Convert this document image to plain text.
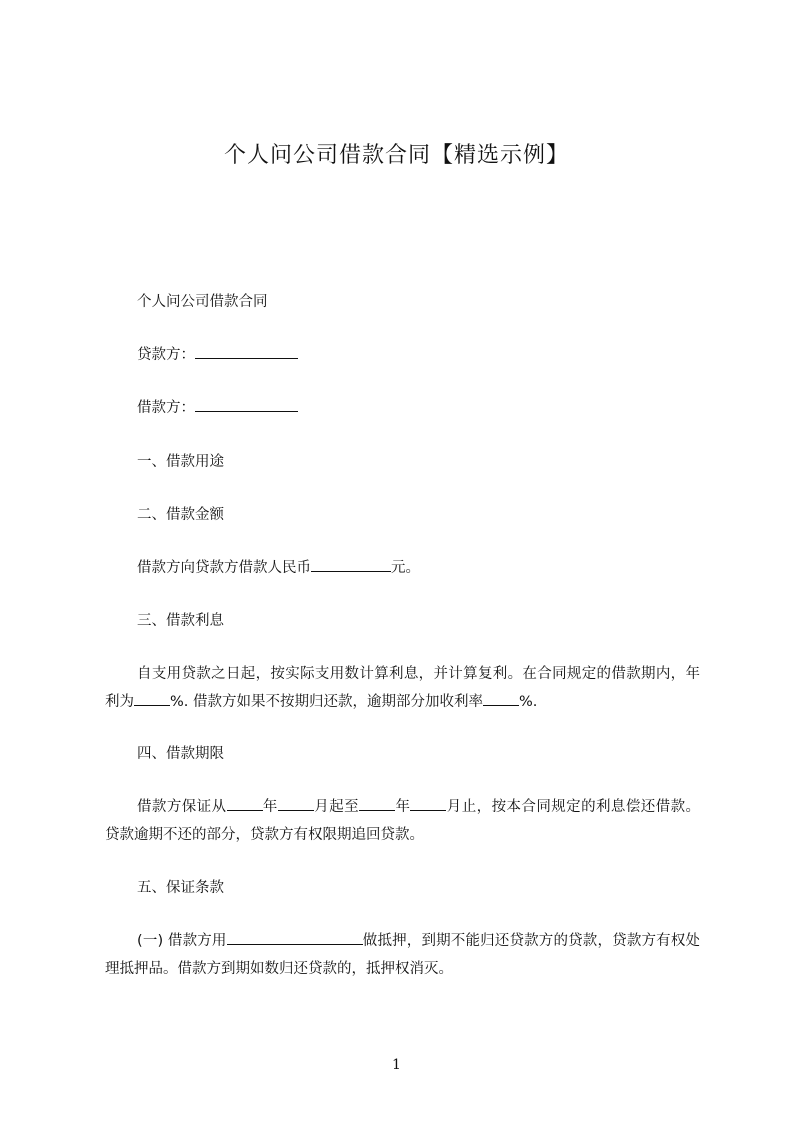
个人问公司借款合同【精选示例】
个人问公司借款合同
贷款方：
借款方：
一、借款用途
二、借款金额
借款方向贷款方借款人民币	元。
三、借款利息
自支用贷款之日起，按实际支用数计算利息，并计算复利。在合同规定的借款期内，年利为 %. 借款方如果不按期归还款，逾期部分加收利率 %.
四、借款期限
借款方保证从 年 月起至 年 月止，按本合同规定的利息偿还借款。贷款逾期不还的部分，贷款方有权限期追回贷款。
五、保证条款
(一) 借款方用	做抵押，到期不能归还贷款方的贷款，贷款方有权处理抵押品。借款方到期如数归还贷款的，抵押权消灭。
1
